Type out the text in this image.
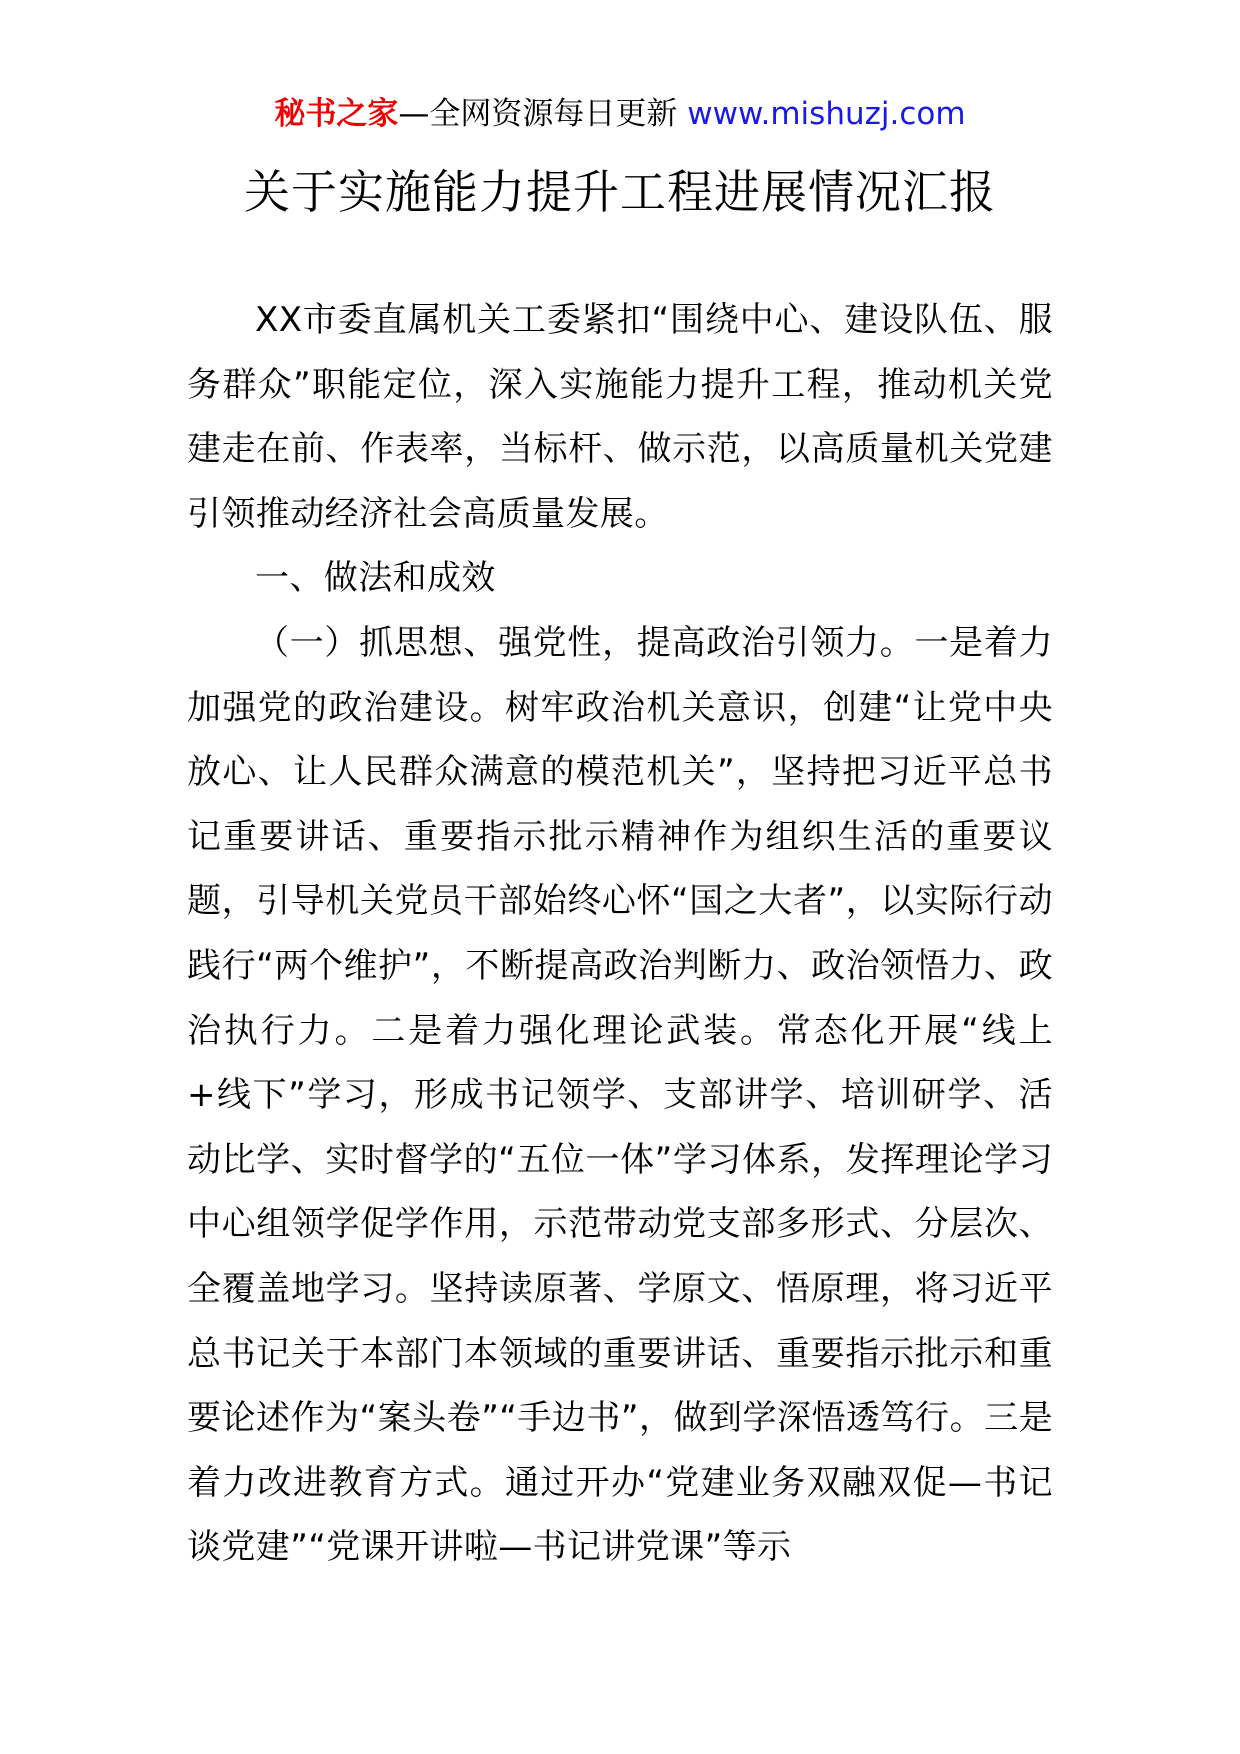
秘书之家—全网资源每日更新 www.mishuzj.com
关于实施能力提升工程进展情况汇报

XX市委直属机关工委紧扣“围绕中心、建设队伍、服务群众”职能定位，深入实施能力提升工程，推动机关党建走在前、作表率，当标杆、做示范，以高质量机关党建引领推动经济社会高质量发展。

一、做法和成效

（一）抓思想、强党性，提高政治引领力。一是着力加强党的政治建设。树牢政治机关意识，创建“让党中央放心、让人民群众满意的模范机关”，坚持把习近平总书记重要讲话、重要指示批示精神作为组织生活的重要议题，引导机关党员干部始终心怀“国之大者”，以实际行动践行“两个维护”，不断提高政治判断力、政治领悟力、政治执行力。二是着力强化理论武装。常态化开展“线上+线下”学习，形成书记领学、支部讲学、培训研学、活动比学、实时督学的“五位一体”学习体系，发挥理论学习中心组领学促学作用，示范带动党支部多形式、分层次、全覆盖地学习。坚持读原著、学原文、悟原理，将习近平总书记关于本部门本领域的重要讲话、重要指示批示和重要论述作为“案头卷”“手边书”，做到学深悟透笃行。三是着力改进教育方式。通过开办“党建业务双融双促—书记谈党建”“党课开讲啦—书记讲党课”等示
